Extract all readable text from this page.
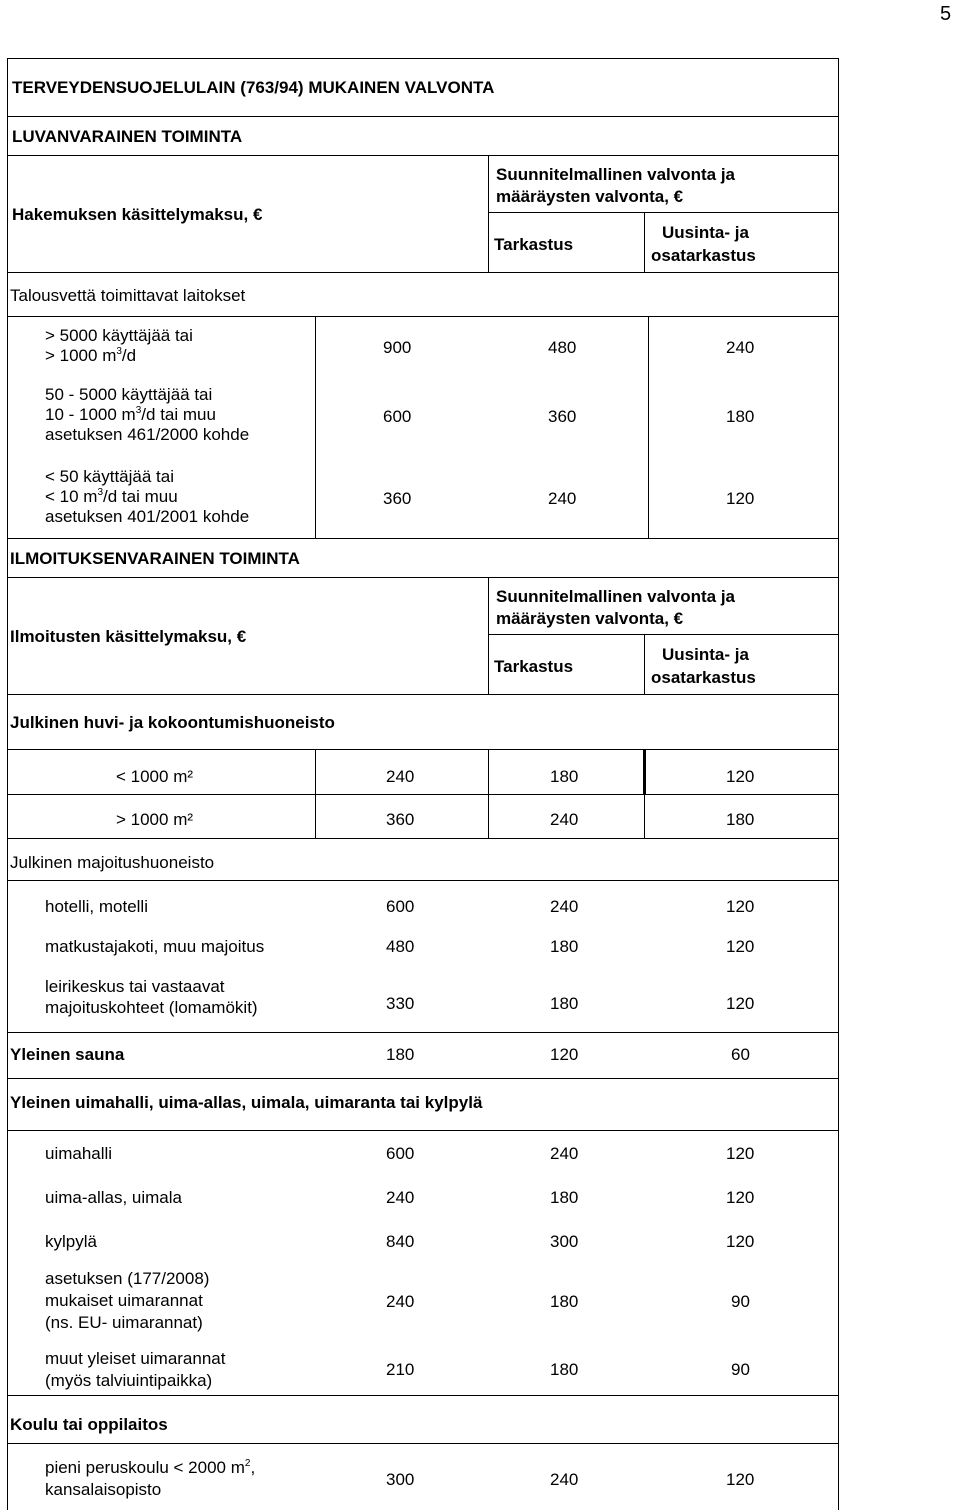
5
TERVEYDENSUOJELULAIN (763/94) MUKAINEN VALVONTA
LUVANVARAINEN TOIMINTA
Hakemuksen käsittelymaksu, €
Suunnitelmallinen valvonta ja
määräysten valvonta, €
Tarkastus
Uusinta- ja
osatarkastus
Talousvettä toimittavat laitokset
> 5000 käyttäjää tai
> 1000 $m^3/d$	900	480	240
50 - 5000 käyttäjää tai
10 - 1000 $m^3/d$ tai muu
asetuksen 461/2000 kohde
600	360	180
< 50 käyttäjää tai
< 10 $m^3/d$ tai muu
asetuksen 401/2001 kohde
360	240	120
ILMOITUKSENVARAINEN TOIMINTA
Ilmoitusten käsittelymaksu, €
Suunnitelmallinen valvonta ja
määräysten valvonta, €
Tarkastus
Uusinta- ja
osatarkastus
Julkinen huvi- ja kokoontumishuoneisto
< 1000 m²	240	180	120
> 1000 m²	360	240	180
Julkinen majoitushuoneisto
hotelli, motelli	600	240	120
matkustajakoti, muu majoitus	480	180	120
leirikeskus tai vastaavat
majoituskohteet (lomamökit)	330	180	120
Yleinen sauna	180	120	60
Yleinen uimahalli, uima-allas, uimala, uimaranta tai kylpylä
uimahalli	600	240	120
uima-allas, uimala	240	180	120
kylpylä	840	300	120
asetuksen (177/2008)
mukaiset uimarannat
(ns. EU- uimarannat)
240	180	90
muut yleiset uimarannat
(myös talviuintipaikka)
210	180	90
Koulu tai oppilaitos
pieni peruskoulu < 2000 $m^2$,
kansalaisopisto
300	240	120
